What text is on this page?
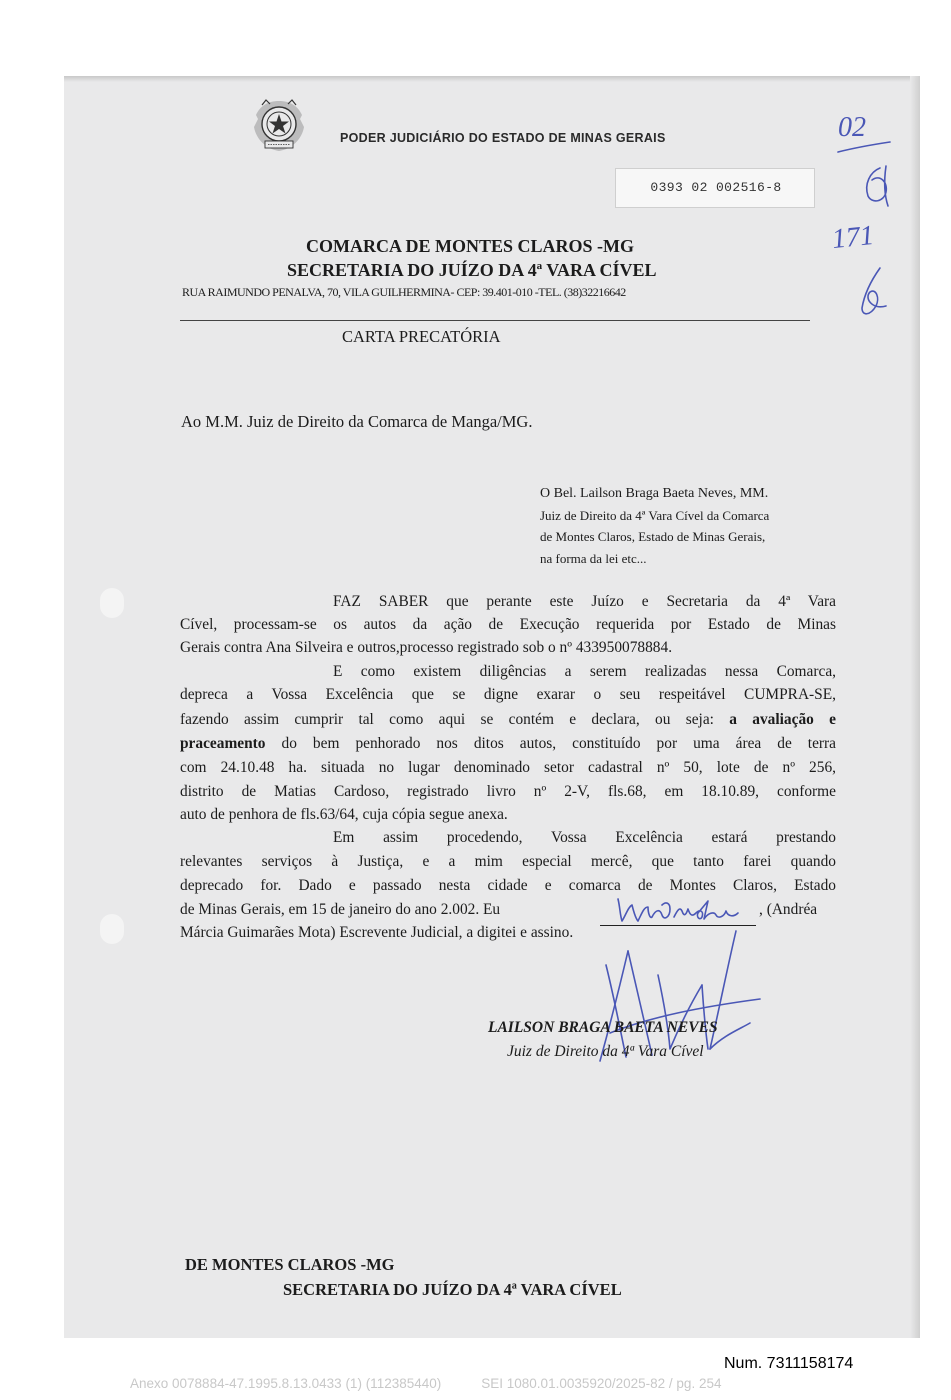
PODER JUDICIÁRIO DO ESTADO DE MINAS GERAIS
0393 02 002516-8
COMARCA DE MONTES CLAROS -MG
SECRETARIA DO JUÍZO DA 4ª VARA CÍVEL
RUA RAIMUNDO PENALVA, 70, VILA GUILHERMINA- CEP: 39.401-010 -TEL. (38)32216642
CARTA PRECATÓRIA
Ao M.M. Juiz de Direito da Comarca de Manga/MG.
O Bel. Lailson Braga Baeta Neves, MM.
Juiz de Direito da 4ª Vara Cível da Comarca
de Montes Claros, Estado de Minas Gerais,
na forma da lei etc...
FAZ SABER que perante este Juízo e Secretaria da 4ª Vara
Cível, processam-se os autos da ação de Execução requerida por Estado de Minas
Gerais contra Ana Silveira e outros,processo registrado sob o nº 433950078884.
E como existem diligências a serem realizadas nessa Comarca,
depreca a Vossa Excelência que se digne exarar o seu respeitável CUMPRA-SE,
fazendo assim cumprir tal como aqui se contém e declara, ou seja: a avaliação e
praceamento do bem penhorado nos ditos autos, constituído por uma área de terra
com 24.10.48 ha. situada no lugar denominado setor cadastral nº 50, lote de nº 256,
distrito de Matias Cardoso, registrado livro nº 2-V, fls.68, em 18.10.89, conforme
auto de penhora de fls.63/64, cuja cópia segue anexa.
Em assim procedendo, Vossa Excelência estará prestando
relevantes serviços à Justiça, e a mim especial mercê, que tanto farei quando
deprecado for. Dado e passado nesta cidade e comarca de Montes Claros, Estado
de Minas Gerais, em 15 de janeiro do ano 2.002. Eu	, (Andréa
Márcia Guimarães Mota) Escrevente Judicial, a digitei e assino.
LAILSON BRAGA BAETA NEVES
Juiz de Direito da 4ª Vara Cível
02
171
DE MONTES CLAROS -MG
SECRETARIA DO JUÍZO DA 4ª VARA CÍVEL
Num. 7311158174
Anexo 0078884-47.1995.8.13.0433 (1) (112385440)	SEI 1080.01.0035920/2025-82 / pg. 254
